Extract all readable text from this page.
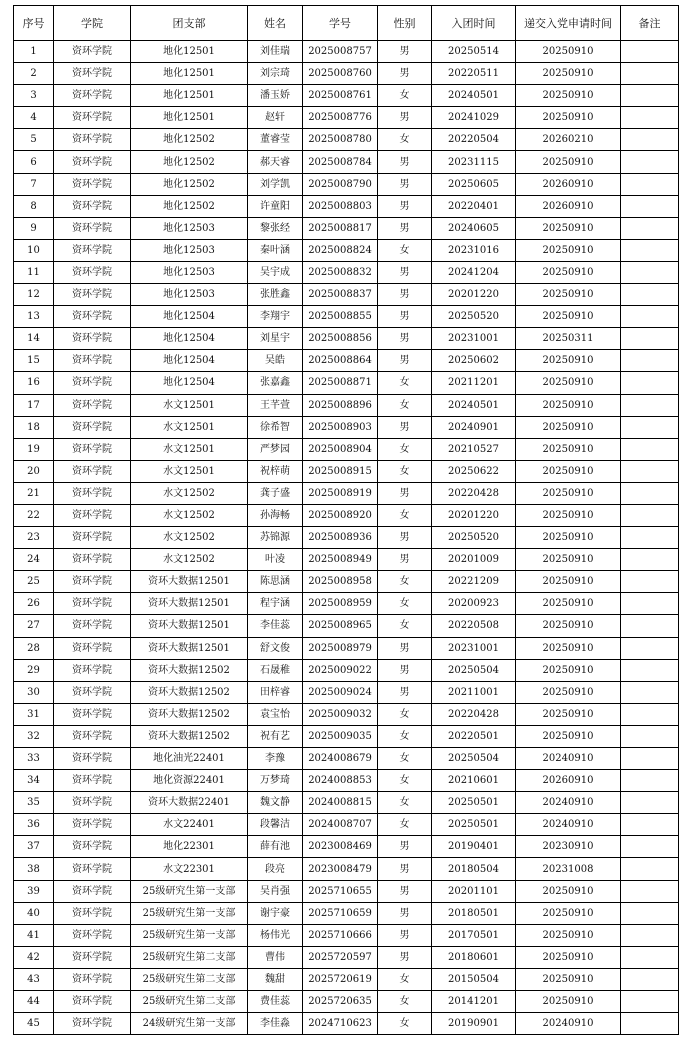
序号	学院	团支部	姓名	学号	性别	入团时间	递交入党申请时间	备注
1	资环学院	地化12501	刘佳瑞	2025008757	男	20250514	20250910	
2	资环学院	地化12501	刘宗琦	2025008760	男	20220511	20250910	
3	资环学院	地化12501	潘玉娇	2025008761	女	20240501	20250910	
4	资环学院	地化12501	赵轩	2025008776	男	20241029	20250910	
5	资环学院	地化12502	董睿莹	2025008780	女	20220504	20260210	
6	资环学院	地化12502	郝天睿	2025008784	男	20231115	20250910	
7	资环学院	地化12502	刘学凯	2025008790	男	20250605	20260910	
8	资环学院	地化12502	许童阳	2025008803	男	20220401	20260910	
9	资环学院	地化12503	黎张经	2025008817	男	20240605	20250910	
10	资环学院	地化12503	秦叶涵	2025008824	女	20231016	20250910	
11	资环学院	地化12503	吴宇成	2025008832	男	20241204	20250910	
12	资环学院	地化12503	张胜鑫	2025008837	男	20201220	20250910	
13	资环学院	地化12504	李翔宇	2025008855	男	20250520	20250910	
14	资环学院	地化12504	刘星宇	2025008856	男	20231001	20250311	
15	资环学院	地化12504	吴皓	2025008864	男	20250602	20250910	
16	资环学院	地化12504	张嘉鑫	2025008871	女	20211201	20250910	
17	资环学院	水文12501	王芊萱	2025008896	女	20240501	20250910	
18	资环学院	水文12501	徐希智	2025008903	男	20240901	20250910	
19	资环学院	水文12501	严梦园	2025008904	女	20210527	20250910	
20	资环学院	水文12501	祝梓萌	2025008915	女	20250622	20250910	
21	资环学院	水文12502	龚子盛	2025008919	男	20220428	20250910	
22	资环学院	水文12502	孙海畅	2025008920	女	20201220	20250910	
23	资环学院	水文12502	苏锦源	2025008936	男	20250520	20250910	
24	资环学院	水文12502	叶凌	2025008949	男	20201009	20250910	
25	资环学院	资环大数据12501	陈思涵	2025008958	女	20221209	20250910	
26	资环学院	资环大数据12501	程宇涵	2025008959	女	20200923	20250910	
27	资环学院	资环大数据12501	李佳蕊	2025008965	女	20220508	20250910	
28	资环学院	资环大数据12501	舒文俊	2025008979	男	20231001	20250910	
29	资环学院	资环大数据12502	石晟稚	2025009022	男	20250504	20250910	
30	资环学院	资环大数据12502	田梓睿	2025009024	男	20211001	20250910	
31	资环学院	资环大数据12502	袁宝怡	2025009032	女	20220428	20250910	
32	资环学院	资环大数据12502	祝有艺	2025009035	女	20220501	20250910	
33	资环学院	地化油光22401	李豫	2024008679	女	20250504	20240910	
34	资环学院	地化资源22401	万梦琦	2024008853	女	20210601	20260910	
35	资环学院	资环大数据22401	魏文静	2024008815	女	20250501	20240910	
36	资环学院	水文22401	段馨洁	2024008707	女	20250501	20240910	
37	资环学院	地化22301	薛有池	2023008469	男	20190401	20230910	
38	资环学院	水文22301	段亮	2023008479	男	20180504	20231008	
39	资环学院	25级研究生第一支部	吴肖强	2025710655	男	20201101	20250910	
40	资环学院	25级研究生第一支部	谢宇豪	2025710659	男	20180501	20250910	
41	资环学院	25级研究生第一支部	杨伟光	2025710666	男	20170501	20250910	
42	资环学院	25级研究生第二支部	曹伟	2025720597	男	20180601	20250910	
43	资环学院	25级研究生第二支部	魏甜	2025720619	女	20150504	20250910	
44	资环学院	25级研究生第二支部	费佳蕊	2025720635	女	20141201	20250910	
45	资环学院	24级研究生第一支部	李佳淼	2024710623	女	20190901	20240910	
